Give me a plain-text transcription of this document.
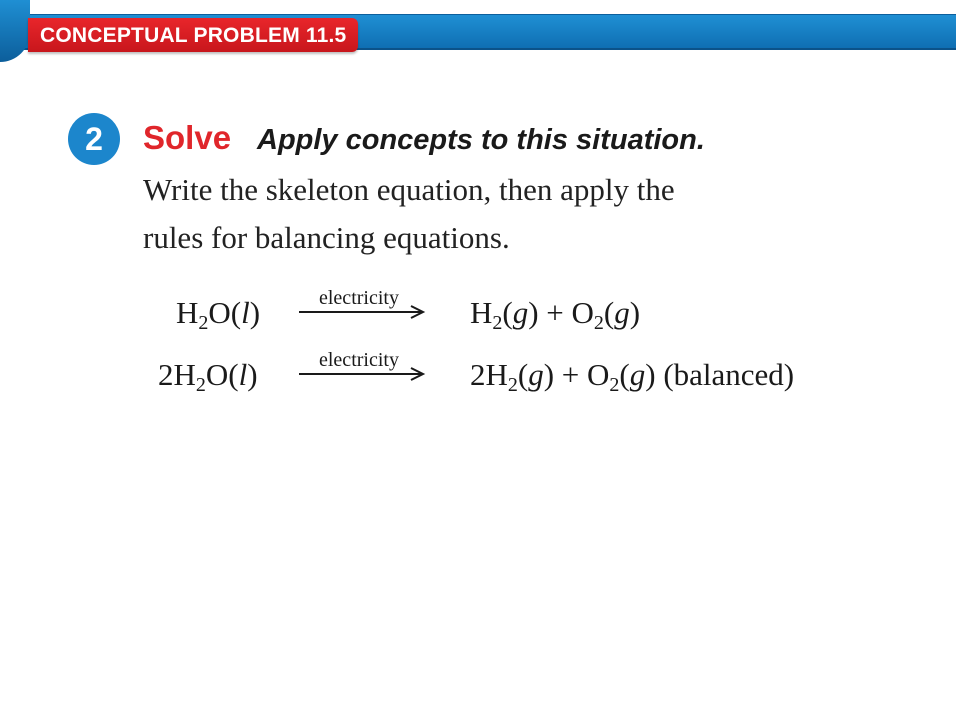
CONCEPTUAL PROBLEM 11.5
2	Solve Apply concepts to this situation.
Write the skeleton equation, then apply the
rules for balancing equations.
$H_2O(l)$	electricity $H_2(g) + O_2(g)$
$2H_2O(l)$	electricity $2H_2(g) + O_2(g)$ (balanced)
